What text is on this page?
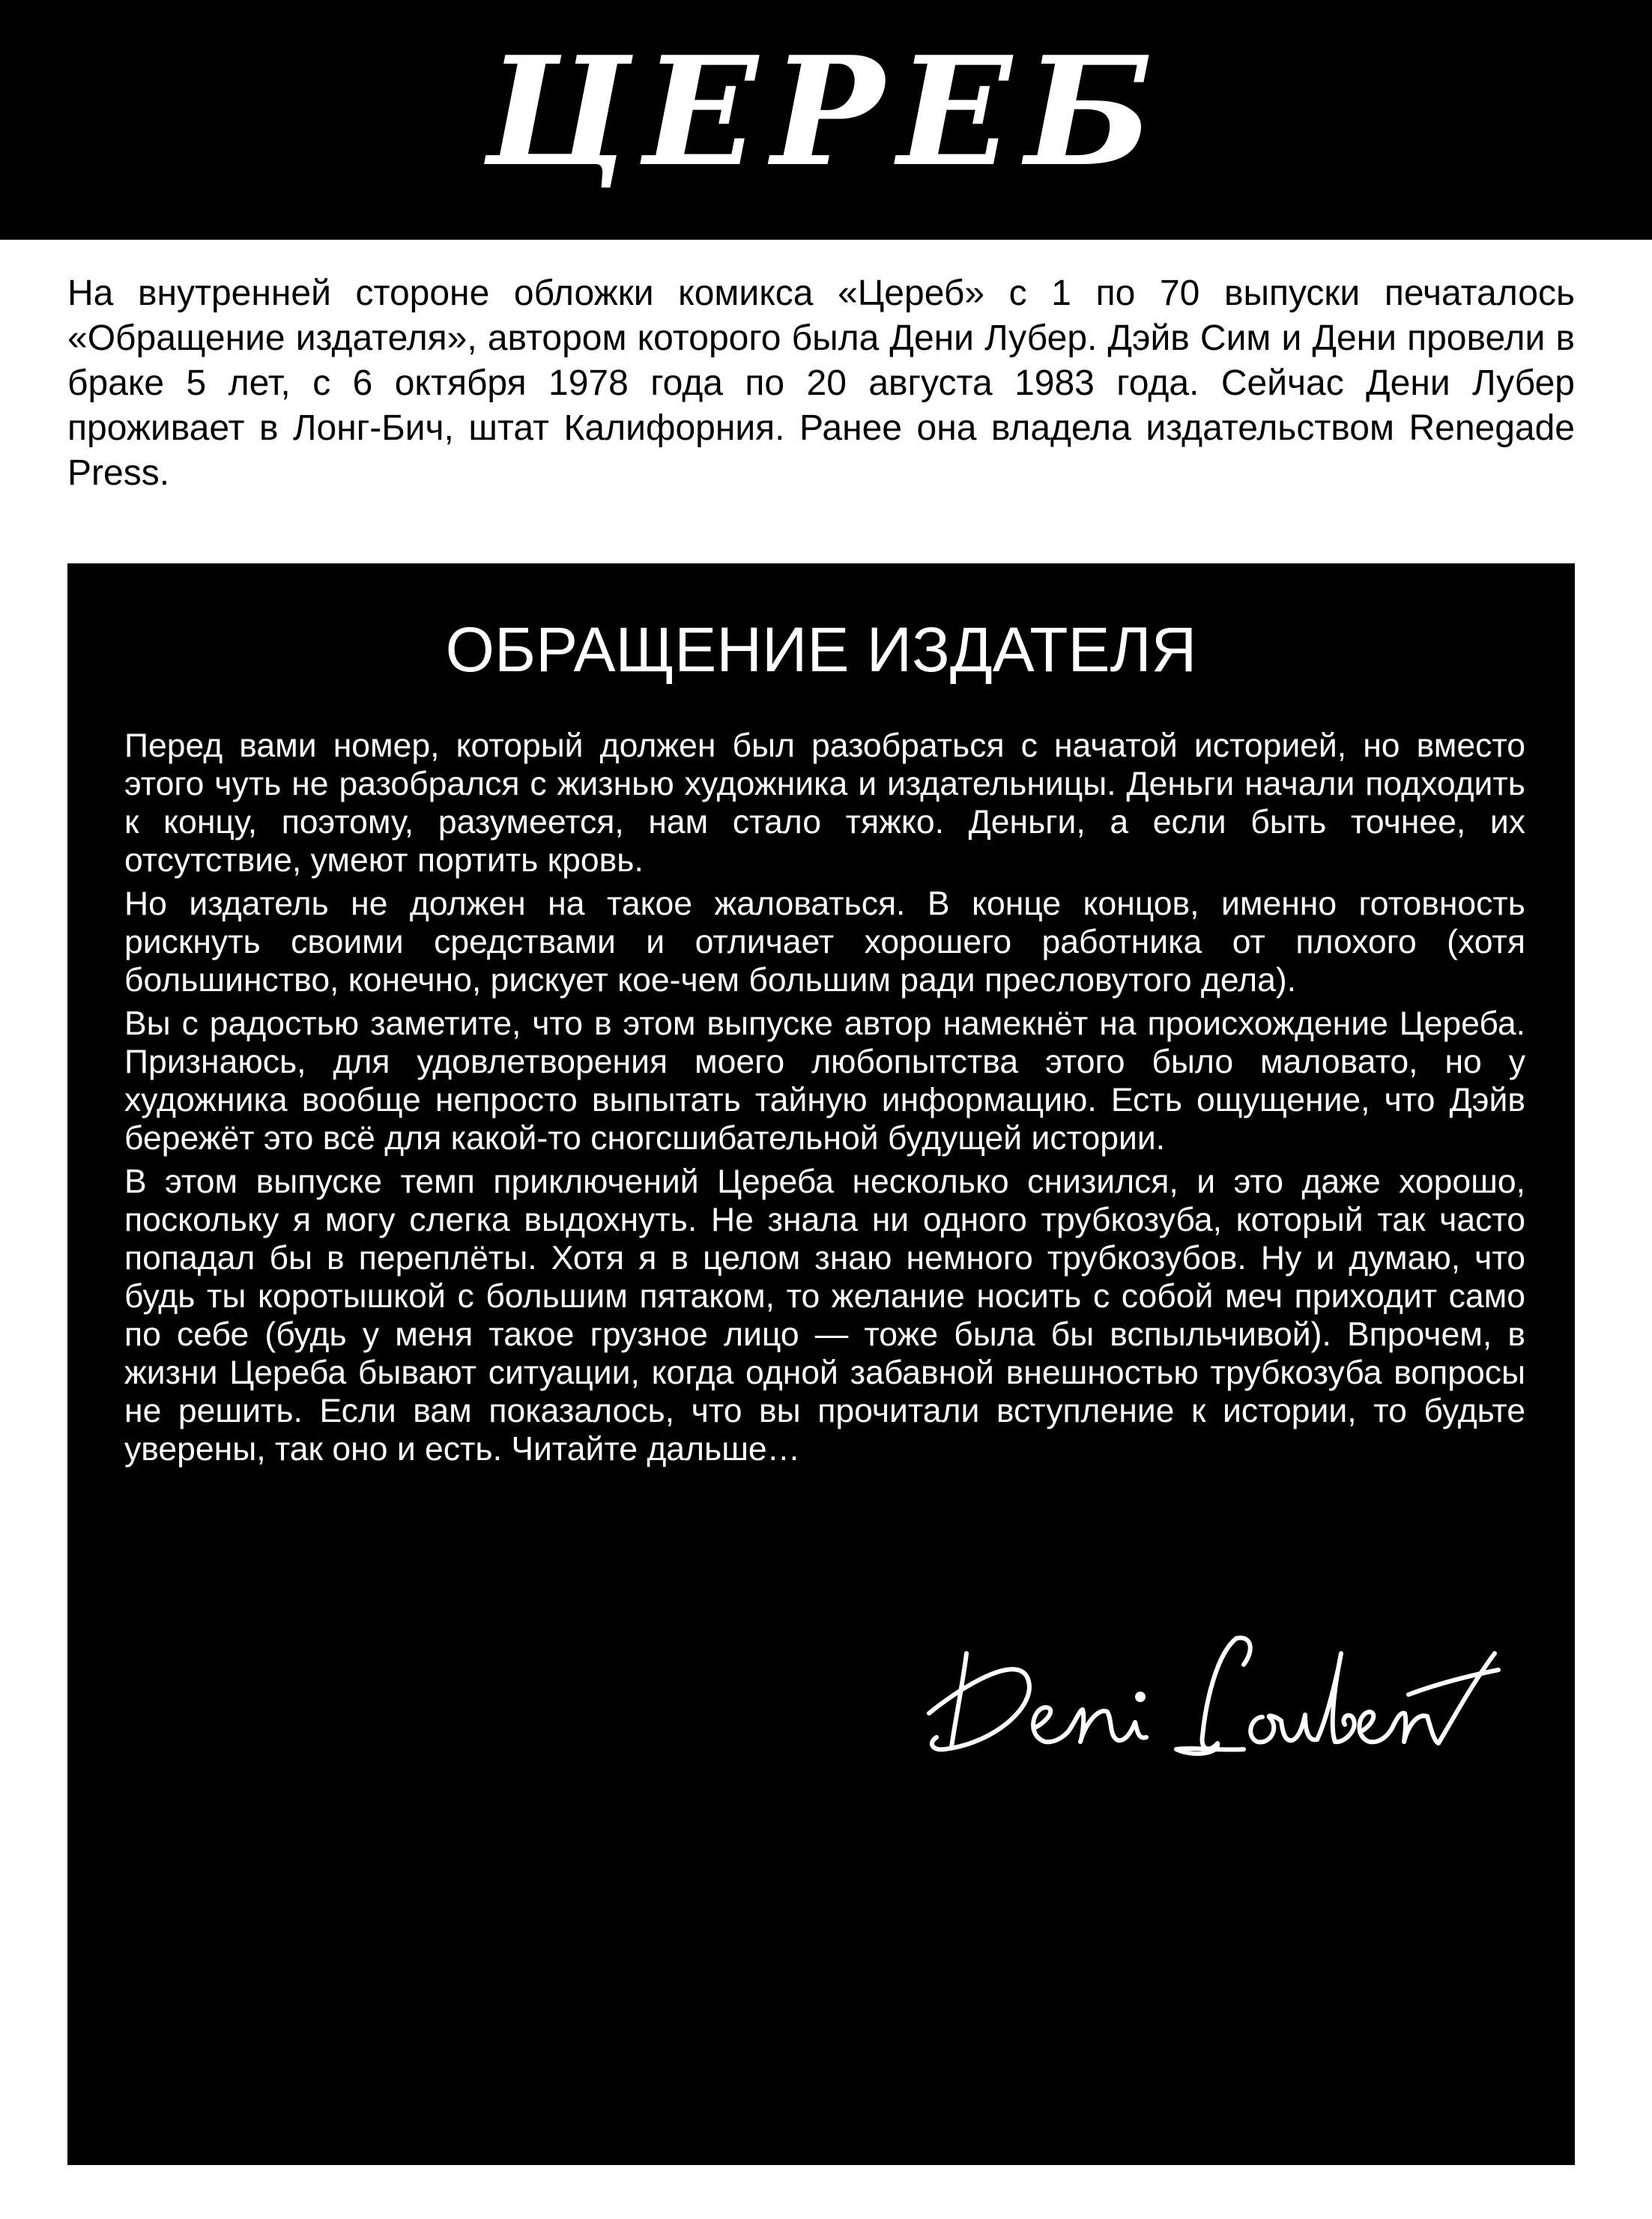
ЦЕРЕБ

На внутренней стороне обложки комикса «Цереб» с 1 по 70 выпуски печаталось «Обращение издателя», автором которого была Дени Лубер. Дэйв Сим и Дени провели в браке 5 лет, с 6 октября 1978 года по 20 августа 1983 года. Сейчас Дени Лубер проживает в Лонг-Бич, штат Калифорния. Ранее она владела издательством Renegade Press.

ОБРАЩЕНИЕ ИЗДАТЕЛЯ

Перед вами номер, который должен был разобраться с начатой историей, но вместо этого чуть не разобрался с жизнью художника и издательницы. Деньги начали подходить к концу, поэтому, разумеется, нам стало тяжко. Деньги, а если быть точнее, их отсутствие, умеют портить кровь.

Но издатель не должен на такое жаловаться. В конце концов, именно готовность рискнуть своими средствами и отличает хорошего работника от плохого (хотя большинство, конечно, рискует кое-чем большим ради пресловутого дела).

Вы с радостью заметите, что в этом выпуске автор намекнёт на происхождение Цереба. Признаюсь, для удовлетворения моего любопытства этого было маловато, но у художника вообще непросто выпытать тайную информацию. Есть ощущение, что Дэйв бережёт это всё для какой-то сногсшибательной будущей истории.

В этом выпуске темп приключений Цереба несколько снизился, и это даже хорошо, поскольку я могу слегка выдохнуть. Не знала ни одного трубкозуба, который так часто попадал бы в переплёты. Хотя я в целом знаю немного трубкозубов. Ну и думаю, что будь ты коротышкой с большим пятаком, то желание носить с собой меч приходит само по себе (будь у меня такое грузное лицо — тоже была бы вспыльчивой). Впрочем, в жизни Цереба бывают ситуации, когда одной забавной внешностью трубкозуба вопросы не решить. Если вам показалось, что вы прочитали вступление к истории, то будьте уверены, так оно и есть. Читайте дальше…
